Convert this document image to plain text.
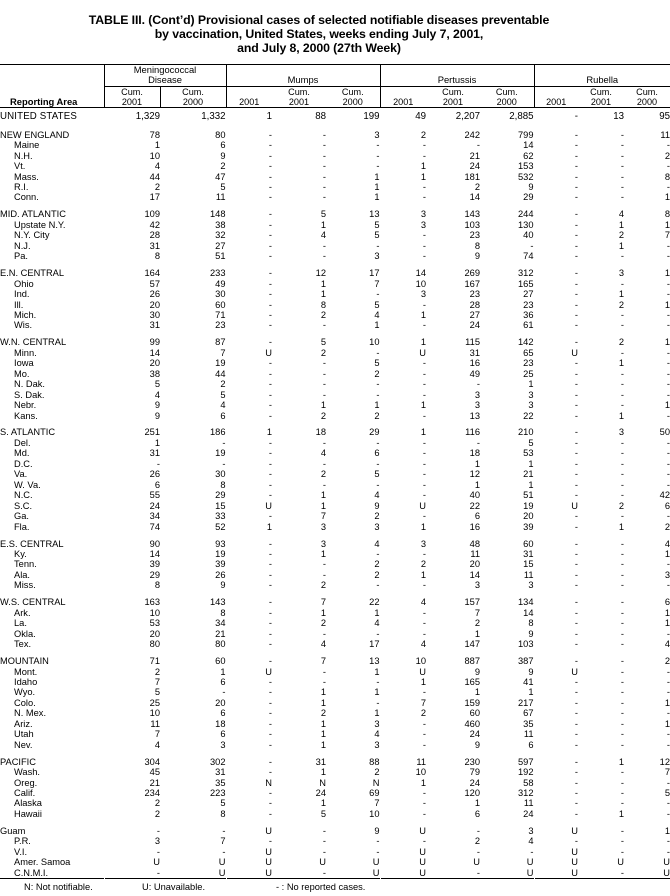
TABLE III. (Cont’d) Provisional cases of selected notifiable diseases preventable
by vaccination, United States, weeks ending July 7, 2001,
and July 8, 2000 (27th Week)

	Meningococcal
Disease		Mumps			Pertussis			Rubella		
Reporting Area	Cum.
2001	Cum.
2000	2001	Cum.
2001	Cum.
2000	2001	Cum.
2001	Cum.
2000	2001	Cum.
2001	Cum.
2000

UNITED STATES	1,329	1,332	1	88	199	49	2,207	2,885	-	13	95
NEW ENGLAND	78	80	-	-	3	2	242	799	-	-	11
Maine	1	6	-	-	-	-	-	14	-	-	-
N.H.	10	9	-	-	-	-	21	62	-	-	2
Vt.	4	2	-	-	-	1	24	153	-	-	-
Mass.	44	47	-	-	1	1	181	532	-	-	8
R.I.	2	5	-	-	1	-	2	9	-	-	-
Conn.	17	11	-	-	1	-	14	29	-	-	1
MID. ATLANTIC	109	148	-	5	13	3	143	244	-	4	8
Upstate N.Y.	42	38	-	1	5	3	103	130	-	1	1
N.Y. City	28	32	-	4	5	-	23	40	-	2	7
N.J.	31	27	-	-	-	-	8	-	-	1	-
Pa.	8	51	-	-	3	-	9	74	-	-	-
E.N. CENTRAL	164	233	-	12	17	14	269	312	-	3	1
Ohio	57	49	-	1	7	10	167	165	-	-	-
Ind.	26	30	-	1	-	3	23	27	-	1	-
Ill.	20	60	-	8	5	-	28	23	-	2	1
Mich.	30	71	-	2	4	1	27	36	-	-	-
Wis.	31	23	-	-	1	-	24	61	-	-	-
W.N. CENTRAL	99	87	-	5	10	1	115	142	-	2	1
Minn.	14	7	U	2	-	U	31	65	U	-	-
Iowa	20	19	-	-	5	-	16	23	-	1	-
Mo.	38	44	-	-	2	-	49	25	-	-	-
N. Dak.	5	2	-	-	-	-	-	1	-	-	-
S. Dak.	4	5	-	-	-	-	3	3	-	-	-
Nebr.	9	4	-	1	1	1	3	3	-	-	1
Kans.	9	6	-	2	2	-	13	22	-	1	-
S. ATLANTIC	251	186	1	18	29	1	116	210	-	3	50
Del.	1	-	-	-	-	-	-	5	-	-	-
Md.	31	19	-	4	6	-	18	53	-	-	-
D.C.	-	-	-	-	-	-	1	1	-	-	-
Va.	26	30	-	2	5	-	12	21	-	-	-
W. Va.	6	8	-	-	-	-	1	1	-	-	-
N.C.	55	29	-	1	4	-	40	51	-	-	42
S.C.	24	15	U	1	9	U	22	19	U	2	6
Ga.	34	33	-	7	2	-	6	20	-	-	-
Fla.	74	52	1	3	3	1	16	39	-	1	2
E.S. CENTRAL	90	93	-	3	4	3	48	60	-	-	4
Ky.	14	19	-	1	-	-	11	31	-	-	1
Tenn.	39	39	-	-	2	2	20	15	-	-	-
Ala.	29	26	-	-	2	1	14	11	-	-	3
Miss.	8	9	-	2	-	-	3	3	-	-	-
W.S. CENTRAL	163	143	-	7	22	4	157	134	-	-	6
Ark.	10	8	-	1	1	-	7	14	-	-	1
La.	53	34	-	2	4	-	2	8	-	-	1
Okla.	20	21	-	-	-	-	1	9	-	-	-
Tex.	80	80	-	4	17	4	147	103	-	-	4
MOUNTAIN	71	60	-	7	13	10	887	387	-	-	2
Mont.	2	1	U	-	1	U	9	9	U	-	-
Idaho	7	6	-	-	-	1	165	41	-	-	-
Wyo.	5	-	-	1	1	-	1	1	-	-	-
Colo.	25	20	-	1	-	7	159	217	-	-	1
N. Mex.	10	6	-	2	1	2	60	67	-	-	-
Ariz.	11	18	-	1	3	-	460	35	-	-	1
Utah	7	6	-	1	4	-	24	11	-	-	-
Nev.	4	3	-	1	3	-	9	6	-	-	-
PACIFIC	304	302	-	31	88	11	230	597	-	1	12
Wash.	45	31	-	1	2	10	79	192	-	-	7
Oreg.	21	35	N	N	N	1	24	58	-	-	-
Calif.	234	223	-	24	69	-	120	312	-	-	5
Alaska	2	5	-	1	7	-	1	11	-	-	-
Hawaii	2	8	-	5	10	-	6	24	-	1	-
Guam	-	-	U	-	9	U	-	3	U	-	1
P.R.	3	7	-	-	-	-	2	4	-	-	-
V.I.	-	-	U	-	-	U	-	-	U	-	-
Amer. Samoa	U	U	U	U	U	U	U	U	U	U	U
C.N.M.I.	-	U	U	-	U	U	-	U	U	-	U

N: Not notifiable.	U: Unavailable.	- : No reported cases.
